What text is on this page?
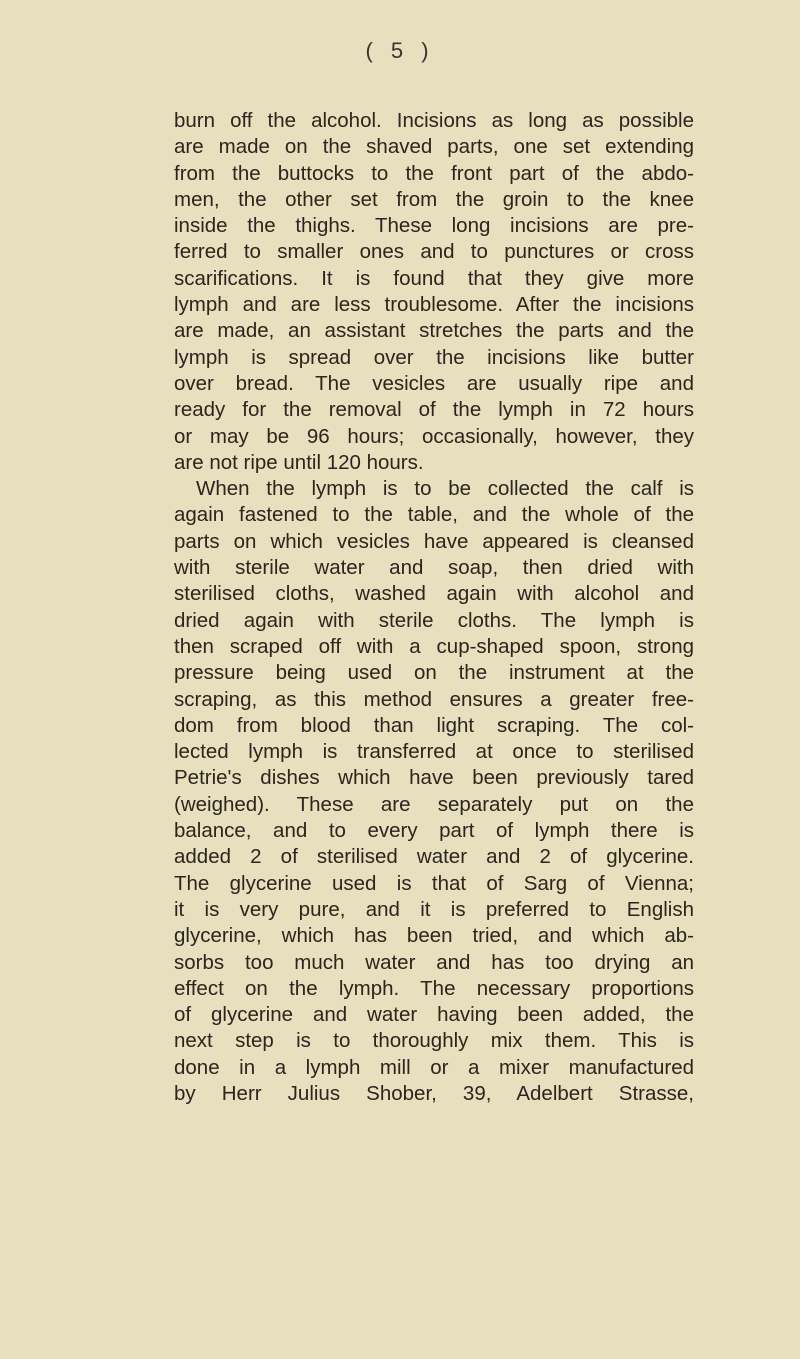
( 5 )
burn off the alcohol. Incisions as long as possible
are made on the shaved parts, one set extending
from the buttocks to the front part of the abdo-
men, the other set from the groin to the knee
inside the thighs. These long incisions are pre-
ferred to smaller ones and to punctures or cross
scarifications. It is found that they give more
lymph and are less troublesome. After the incisions
are made, an assistant stretches the parts and the
lymph is spread over the incisions like butter
over bread. The vesicles are usually ripe and
ready for the removal of the lymph in 72 hours
or may be 96 hours; occasionally, however, they
are not ripe until 120 hours.
When the lymph is to be collected the calf is
again fastened to the table, and the whole of the
parts on which vesicles have appeared is cleansed
with sterile water and soap, then dried with
sterilised cloths, washed again with alcohol and
dried again with sterile cloths. The lymph is
then scraped off with a cup-shaped spoon, strong
pressure being used on the instrument at the
scraping, as this method ensures a greater free-
dom from blood than light scraping. The col-
lected lymph is transferred at once to sterilised
Petrie's dishes which have been previously tared
(weighed). These are separately put on the
balance, and to every part of lymph there is
added 2 of sterilised water and 2 of glycerine.
The glycerine used is that of Sarg of Vienna;
it is very pure, and it is preferred to English
glycerine, which has been tried, and which ab-
sorbs too much water and has too drying an
effect on the lymph. The necessary proportions
of glycerine and water having been added, the
next step is to thoroughly mix them. This is
done in a lymph mill or a mixer manufactured
by Herr Julius Shober, 39, Adelbert Strasse,
